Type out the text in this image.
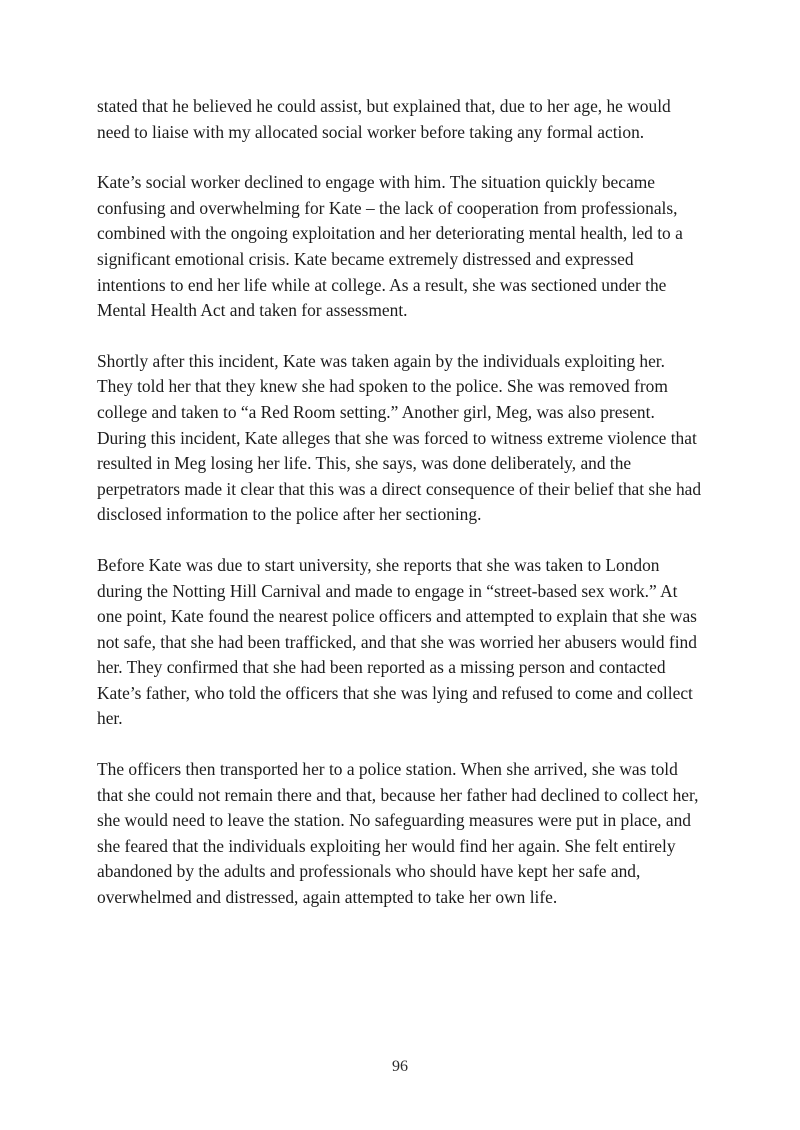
stated that he believed he could assist, but explained that, due to her age, he would need to liaise with my allocated social worker before taking any formal action.

Kate’s social worker declined to engage with him. The situation quickly became confusing and overwhelming for Kate – the lack of cooperation from professionals, combined with the ongoing exploitation and her deteriorating mental health, led to a significant emotional crisis. Kate became extremely distressed and expressed intentions to end her life while at college. As a result, she was sectioned under the Mental Health Act and taken for assessment.

Shortly after this incident, Kate was taken again by the individuals exploiting her. They told her that they knew she had spoken to the police. She was removed from college and taken to “a Red Room setting.” Another girl, Meg, was also present. During this incident, Kate alleges that she was forced to witness extreme violence that resulted in Meg losing her life. This, she says, was done deliberately, and the perpetrators made it clear that this was a direct consequence of their belief that she had disclosed information to the police after her sectioning.

Before Kate was due to start university, she reports that she was taken to London during the Notting Hill Carnival and made to engage in “street-based sex work.” At one point, Kate found the nearest police officers and attempted to explain that she was not safe, that she had been trafficked, and that she was worried her abusers would find her. They confirmed that she had been reported as a missing person and contacted Kate’s father, who told the officers that she was lying and refused to come and collect her.

The officers then transported her to a police station. When she arrived, she was told that she could not remain there and that, because her father had declined to collect her, she would need to leave the station. No safeguarding measures were put in place, and she feared that the individuals exploiting her would find her again. She felt entirely abandoned by the adults and professionals who should have kept her safe and, overwhelmed and distressed, again attempted to take her own life.

96
